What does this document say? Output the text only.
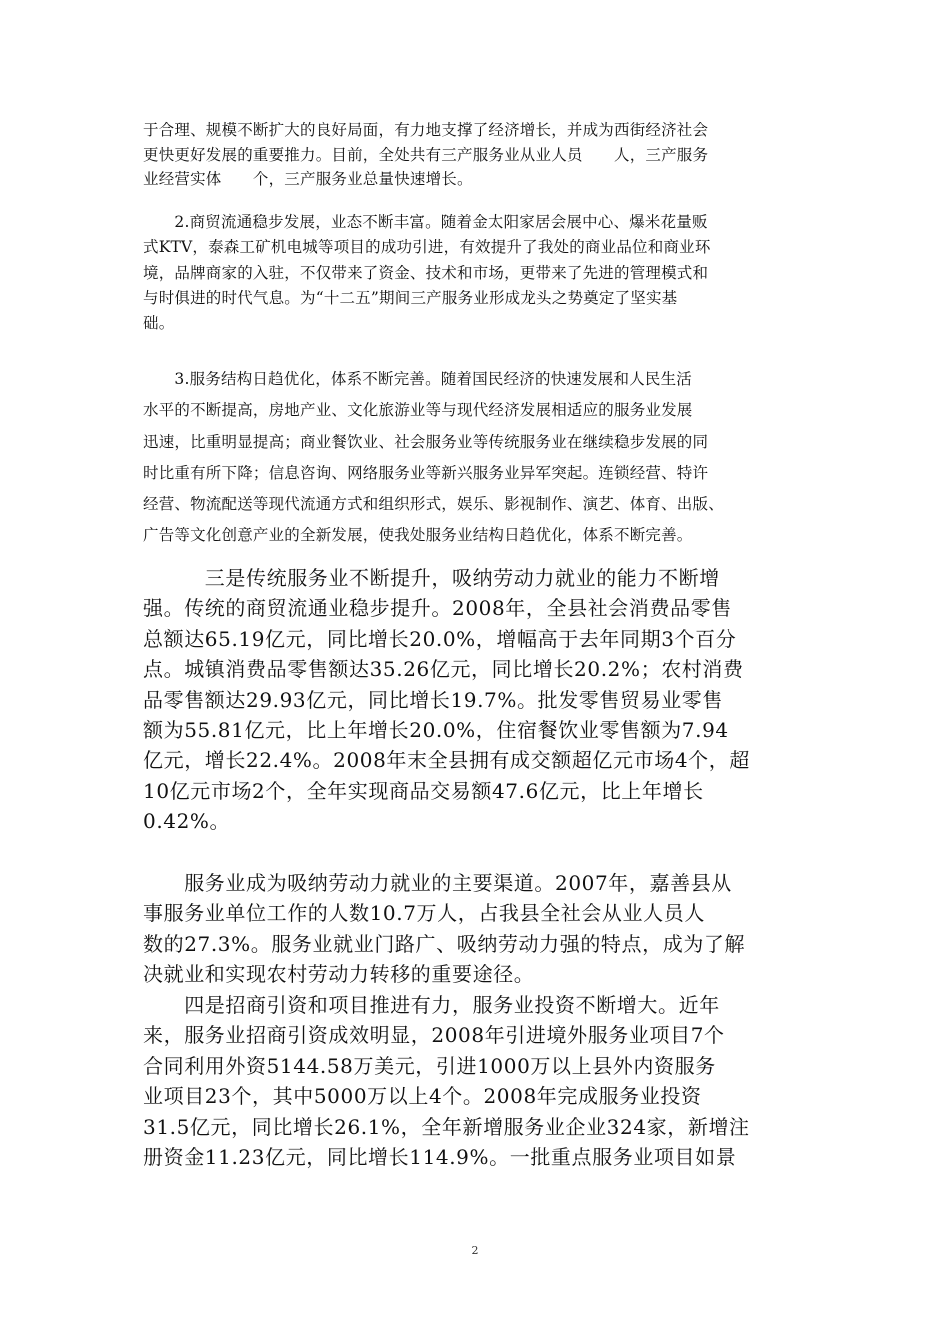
于合理、规模不断扩大的良好局面，有力地支撑了经济增长，并成为西街经济社会
更快更好发展的重要推力。目前，全处共有三产服务业从业人员　　人，三产服务
业经营实体　　个，三产服务业总量快速增长。
　　2.商贸流通稳步发展，业态不断丰富。随着金太阳家居会展中心、爆米花量贩
式KTV，泰森工矿机电城等项目的成功引进，有效提升了我处的商业品位和商业环
境，品牌商家的入驻，不仅带来了资金、技术和市场，更带来了先进的管理模式和
与时俱进的时代气息。为“十二五”期间三产服务业形成龙头之势奠定了坚实基
础。
　　3.服务结构日趋优化，体系不断完善。随着国民经济的快速发展和人民生活
水平的不断提高，房地产业、文化旅游业等与现代经济发展相适应的服务业发展
迅速，比重明显提高；商业餐饮业、社会服务业等传统服务业在继续稳步发展的同
时比重有所下降；信息咨询、网络服务业等新兴服务业异军突起。连锁经营、特许
经营、物流配送等现代流通方式和组织形式，娱乐、影视制作、演艺、体育、出版、
广告等文化创意产业的全新发展，使我处服务业结构日趋优化，体系不断完善。
　　　三是传统服务业不断提升，吸纳劳动力就业的能力不断增
强。传统的商贸流通业稳步提升。2008年，全县社会消费品零售
总额达65.19亿元，同比增长20.0%，增幅高于去年同期3个百分
点。城镇消费品零售额达35.26亿元，同比增长20.2%；农村消费
品零售额达29.93亿元，同比增长19.7%。批发零售贸易业零售
额为55.81亿元，比上年增长20.0%，住宿餐饮业零售额为7.94
亿元，增长22.4%。2008年末全县拥有成交额超亿元市场4个，超
10亿元市场2个，全年实现商品交易额47.6亿元，比上年增长
0.42%。
　　服务业成为吸纳劳动力就业的主要渠道。2007年，嘉善县从
事服务业单位工作的人数10.7万人，占我县全社会从业人员人
数的27.3%。服务业就业门路广、吸纳劳动力强的特点，成为了解
决就业和实现农村劳动力转移的重要途径。
　　四是招商引资和项目推进有力，服务业投资不断增大。近年
来，服务业招商引资成效明显，2008年引进境外服务业项目7个
合同利用外资5144.58万美元，引进1000万以上县外内资服务
业项目23个，其中5000万以上4个。2008年完成服务业投资
31.5亿元，同比增长26.1%，全年新增服务业企业324家，新增注
册资金11.23亿元，同比增长114.9%。一批重点服务业项目如景
2
